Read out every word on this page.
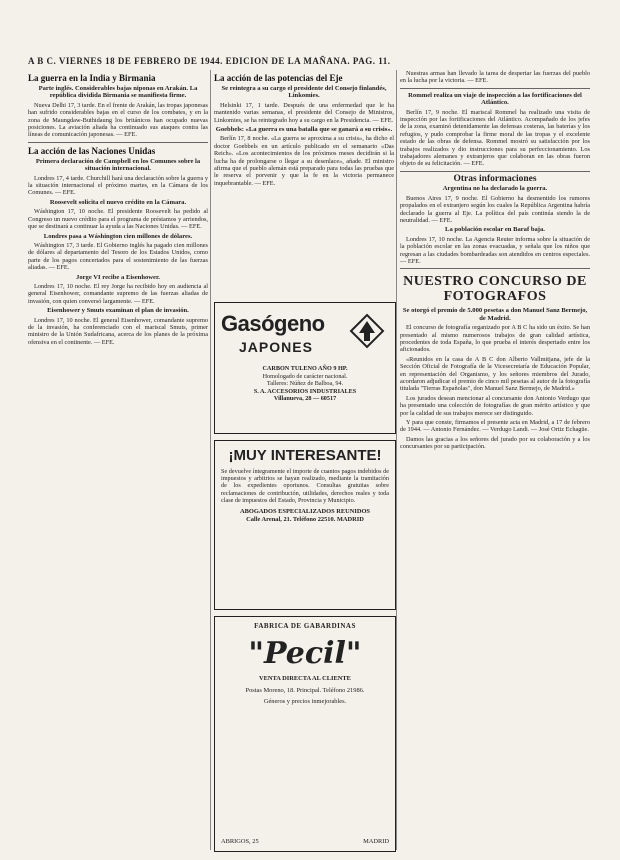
A B C. VIERNES 18 DE FEBRERO DE 1944. EDICION DE LA MAÑANA. PAG. 11.
La guerra en la India y Birmania
Parte inglés. Considerables bajas niponas en Arakán. La república dividida Birmania se manifiesta firme.

Nueva Delhi 17, 3 tarde. En el frente de Arakán, las tropas japonesas han sufrido considerables bajas en el curso de los combates, y en la zona de Maungdaw-Buthidaung los británicos han ocupado nuevas posiciones. La aviación aliada ha continuado sus ataques contra las líneas de comunicación japonesas. — EFE.

La acción de las Naciones Unidas
Primera declaración de Campbell en los Comunes sobre la situación internacional.

Londres 17, 4 tarde. Churchill hará una declaración sobre la guerra y la situación internacional el próximo martes, en la Cámara de los Comunes. — EFE.

Roosevelt solicita el nuevo crédito en la Cámara.

Wáshington 17, 10 noche. El presidente Roosevelt ha pedido al Congreso un nuevo crédito para el programa de préstamos y arriendos, que se destinará a continuar la ayuda a las Naciones Unidas. — EFE.

Londres pasa a Wáshington cien millones de dólares.

Wáshington 17, 3 tarde. El Gobierno inglés ha pagado cien millones de dólares al departamento del Tesoro de los Estados Unidos, como parte de los pagos concertados para el sostenimiento de las fuerzas aliadas. — EFE.

Jorge VI recibe a Eisenhower.

Londres 17, 10 noche. El rey Jorge ha recibido hoy en audiencia al general Eisenhower, comandante supremo de las fuerzas aliadas de invasión, con quien conversó largamente. — EFE.

Eisenhower y Smuts examinan el plan de invasión.

Londres 17, 10 noche. El general Eisenhower, comandante supremo de la invasión, ha conferenciado con el mariscal Smuts, primer ministro de la Unión Sudafricana, acerca de los planes de la próxima ofensiva en el continente. — EFE.

La acción de las potencias del Eje
Se reintegra a su cargo el presidente del Consejo finlandés, Linkomies.

Helsinki 17, 1 tarde. Después de una enfermedad que le ha mantenido varias semanas, el presidente del Consejo de Ministros, Linkomies, se ha reintegrado hoy a su cargo en la Presidencia. — EFE.

Goebbels: «La guerra es una batalla que se ganará a su crisis».

Berlín 17, 8 noche. «La guerra se aproxima a su crisis», ha dicho el doctor Goebbels en un artículo publicado en el semanario «Das Reich». «Los acontecimientos de los próximos meses decidirán si la lucha ha de prolongarse o llegar a su desenlace», añade. El ministro afirma que el pueblo alemán está preparado para todas las pruebas que le reserva el porvenir y que la fe en la victoria permanece inquebrantable. — EFE.

Gasógeno
JAPONES
CARBON TULENO AÑO 9 HP.
Homologado de carácter nacional.
Talleres: Núñez de Balboa, 94.
S. A. ACCESORIOS INDUSTRIALES
Villanueva, 28 — 60517
¡MUY INTERESANTE!
Se devuelve íntegramente el importe de cuantos pagos indebidos de impuestos y arbitrios se hayan realizado, mediante la tramitación de los expedientes oportunos. Consultas gratuitas sobre reclamaciones de contribución, utilidades, derechos reales y toda clase de impuestos del Estado, Provincia y Municipio.
ABOGADOS ESPECIALIZADOS REUNIDOS
Calle Arenal, 21. Teléfono 22510. MADRID
FABRICA DE GABARDINAS
"Pecil"
VENTA DIRECTA AL CLIENTE
Postas Moreno, 18. Principal. Teléfono 21986.
Géneros y precios inmejorables.
ABRIGOS, 25	MADRID

Nuestras armas han llevado la tarea de despertar las fuerzas del pueblo en la lucha por la victoria. — EFE.

Rommel realiza un viaje de inspección a las fortificaciones del Atlántico.

Berlín 17, 9 noche. El mariscal Rommel ha realizado una visita de inspección por las fortificaciones del Atlántico. Acompañado de los jefes de la zona, examinó detenidamente las defensas costeras, las baterías y los refugios, y pudo comprobar la firme moral de las tropas y el excelente estado de las obras de defensa. Rommel mostró su satisfacción por los trabajos realizados y dio instrucciones para su perfeccionamiento. Los trabajadores alemanes y extranjeros que colaboran en las obras fueron objeto de su felicitación. — EFE.

Otras informaciones
Argentina no ha declarado la guerra.

Buenos Aires 17, 9 noche. El Gobierno ha desmentido los rumores propalados en el extranjero según los cuales la República Argentina habría declarado la guerra al Eje. La política del país continúa siendo la de neutralidad. — EFE.

La población escolar en Baraf baja.

Londres 17, 10 noche. La Agencia Reuter informa sobre la situación de la población escolar en las zonas evacuadas, y señala que los niños que regresan a las ciudades bombardeadas son atendidos en centros especiales. — EFE.

NUESTRO CONCURSO DE FOTOGRAFOS
Se otorgó el premio de 5.000 pesetas a don Manuel Sanz Bermejo, de Madrid.

El concurso de fotografía organizado por A B C ha sido un éxito. Se han presentado al mismo numerosos trabajos de gran calidad artística, procedentes de toda España, lo que prueba el interés despertado entre los aficionados.

«Reunidos en la casa de A B C don Alberto Vallmitjana, jefe de la Sección Oficial de Fotografía de la Vicesecretaría de Educación Popular, en representación del Organismo, y los señores miembros del Jurado, acordaron adjudicar el premio de cinco mil pesetas al autor de la fotografía titulada "Tierras Españolas", don Manuel Sanz Bermejo, de Madrid.»

Los jurados desean mencionar al concursante don Antonio Verdugo que ha presentado una colección de fotografías de gran mérito artístico y que por la calidad de sus trabajos merece ser distinguido.

Y para que conste, firmamos el presente acta en Madrid, a 17 de febrero de 1944. — Antonio Fernández. — Verdugo Landi. — José Ortiz Echagüe.

Damos las gracias a los señores del jurado por su colaboración y a los concursantes por su participación.
